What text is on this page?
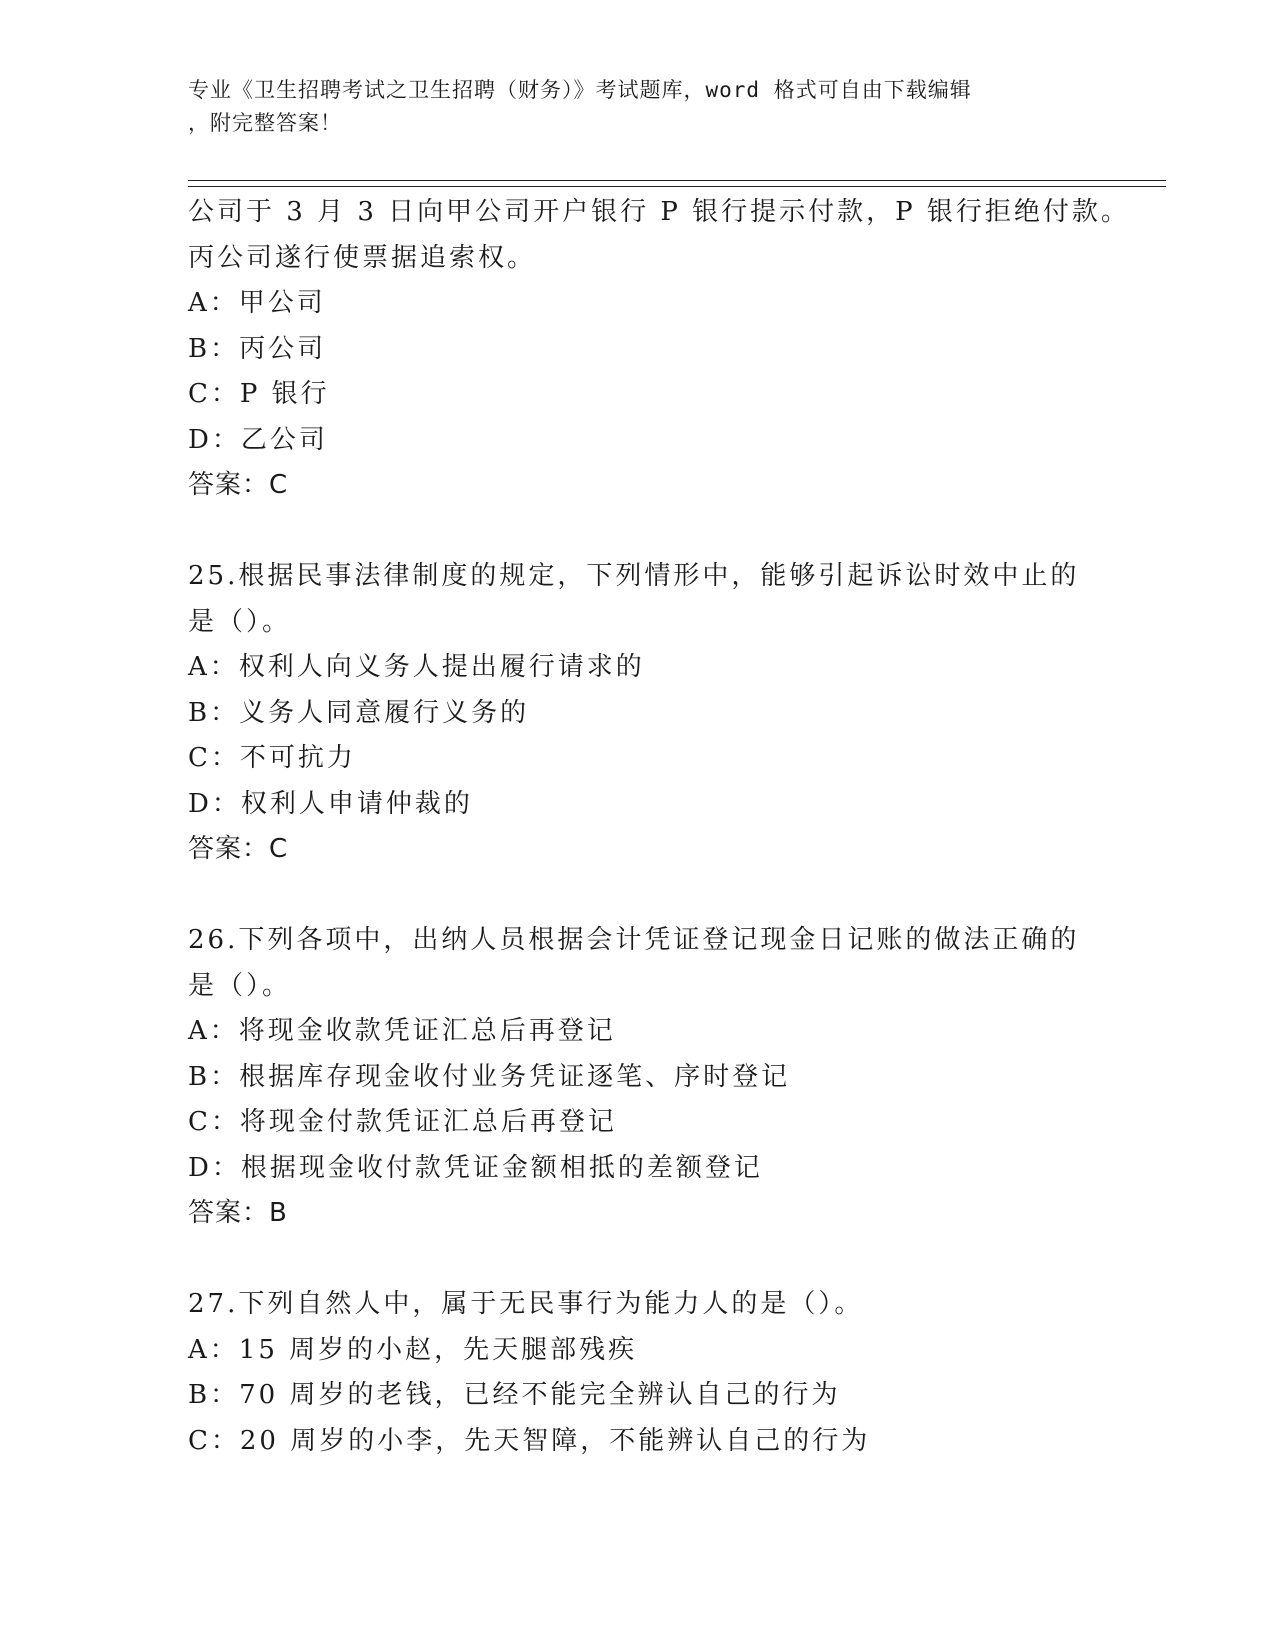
专业《卫生招聘考试之卫生招聘（财务）》考试题库，word 格式可自由下载编辑
，附完整答案！
公司于 3 月 3 日向甲公司开户银行 P 银行提示付款，P 银行拒绝付款。
丙公司遂行使票据追索权。
A：甲公司
B：丙公司
C：P 银行
D：乙公司
答案：C
25.根据民事法律制度的规定，下列情形中，能够引起诉讼时效中止的
是（）。
A：权利人向义务人提出履行请求的
B：义务人同意履行义务的
C：不可抗力
D：权利人申请仲裁的
答案：C
26.下列各项中，出纳人员根据会计凭证登记现金日记账的做法正确的
是（）。
A：将现金收款凭证汇总后再登记
B：根据库存现金收付业务凭证逐笔、序时登记
C：将现金付款凭证汇总后再登记
D：根据现金收付款凭证金额相抵的差额登记
答案：B
27.下列自然人中，属于无民事行为能力人的是（）。
A：15 周岁的小赵，先天腿部残疾
B：70 周岁的老钱，已经不能完全辨认自己的行为
C：20 周岁的小李，先天智障，不能辨认自己的行为
